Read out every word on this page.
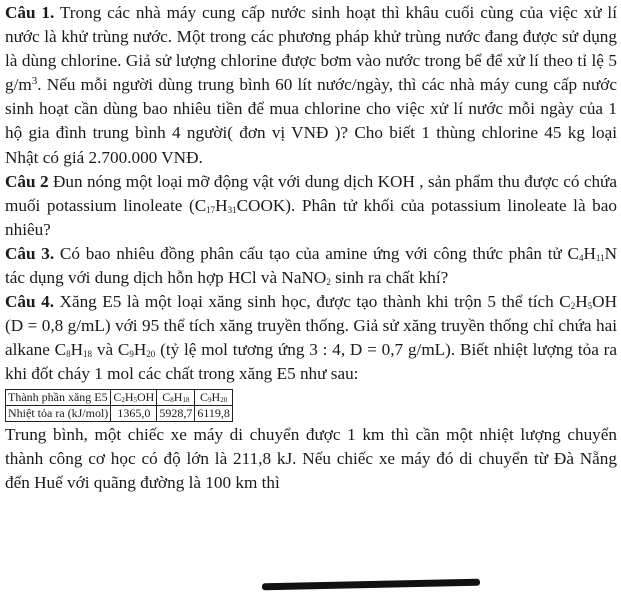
Câu 1. Trong các nhà máy cung cấp nước sinh hoạt thì khâu cuối cùng của việc xử lí nước là khử trùng nước. Một trong các phương pháp khử trùng nước đang được sử dụng là dùng chlorine. Giả sử lượng chlorine được bơm vào nước trong bể để xử lí theo tỉ lệ 5 $g/m^3$. Nếu mỗi người dùng trung bình 60 lít nước/ngày, thì các nhà máy cung cấp nước sinh hoạt cần dùng bao nhiêu tiền để mua chlorine cho việc xử lí nước mỗi ngày của 1 hộ gia đình trung bình 4 người( đơn vị VNĐ )? Cho biết 1 thùng chlorine 45 kg loại Nhật có giá 2.700.000 VNĐ.

Câu 2 Đun nóng một loại mỡ động vật với dung dịch KOH , sản phẩm thu được có chứa muối potassium linoleate $(C_{17}H_{31}COOK)$. Phân tử khối của potassium linoleate là bao nhiêu?

Câu 3. Có bao nhiêu đồng phân cấu tạo của amine ứng với công thức phân tử $C_4H_{11}N$ tác dụng với dung dịch hỗn hợp HCl và NaNO$_2$ sinh ra chất khí?

Câu 4. Xăng E5 là một loại xăng sinh học, được tạo thành khi trộn 5 thể tích $C_2H_5OH$ (D = 0,8 g/mL) với 95 thể tích xăng truyền thống. Giả sử xăng truyền thống chỉ chứa hai alkane $C_8H_{18}$ và $C_9H_{20}$ (tỷ lệ mol tương ứng 3 : 4, D = 0,7 g/mL). Biết nhiệt lượng tỏa ra khi đốt cháy 1 mol các chất trong xăng E5 như sau:

Thành phần xăng E5	$C_2H_5OH$	$C_8H_{18}$	$C_9H_{20}$
Nhiệt tỏa ra (kJ/mol)	1365,0	5928,7	6119,8

Trung bình, một chiếc xe máy di chuyển được 1 km thì cần một nhiệt lượng chuyển thành công cơ học có độ lớn là 211,8 kJ. Nếu chiếc xe máy đó di chuyển từ Đà Nẵng đến Huế với quãng đường là 100 km thì
